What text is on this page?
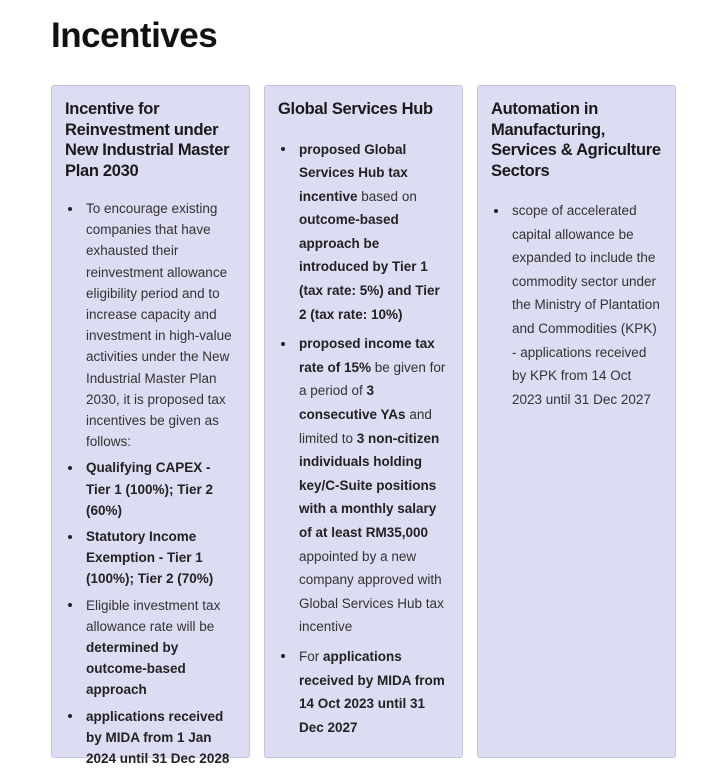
Incentives
Incentive for Reinvestment under New Industrial Master Plan 2030
To encourage existing companies that have exhausted their reinvestment allowance eligibility period and to increase capacity and investment in high-value activities under the New Industrial Master Plan 2030, it is proposed tax incentives be given as follows:
Qualifying CAPEX - Tier 1 (100%); Tier 2 (60%)
Statutory Income Exemption - Tier 1 (100%); Tier 2 (70%)
Eligible investment tax allowance rate will be determined by outcome-based approach
applications received by MIDA from 1 Jan 2024 until 31 Dec 2028
Global Services Hub
proposed Global Services Hub tax incentive based on outcome-based approach be introduced by Tier 1 (tax rate: 5%) and Tier 2 (tax rate: 10%)
proposed income tax rate of 15% be given for a period of 3 consecutive YAs and limited to 3 non-citizen individuals holding key/C-Suite positions with a monthly salary of at least RM35,000 appointed by a new company approved with Global Services Hub tax incentive
For applications received by MIDA from 14 Oct 2023 until 31 Dec 2027
Automation in Manufacturing, Services & Agriculture Sectors
scope of accelerated capital allowance be expanded to include the commodity sector under the Ministry of Plantation and Commodities (KPK) - applications received by KPK from 14 Oct 2023 until 31 Dec 2027
